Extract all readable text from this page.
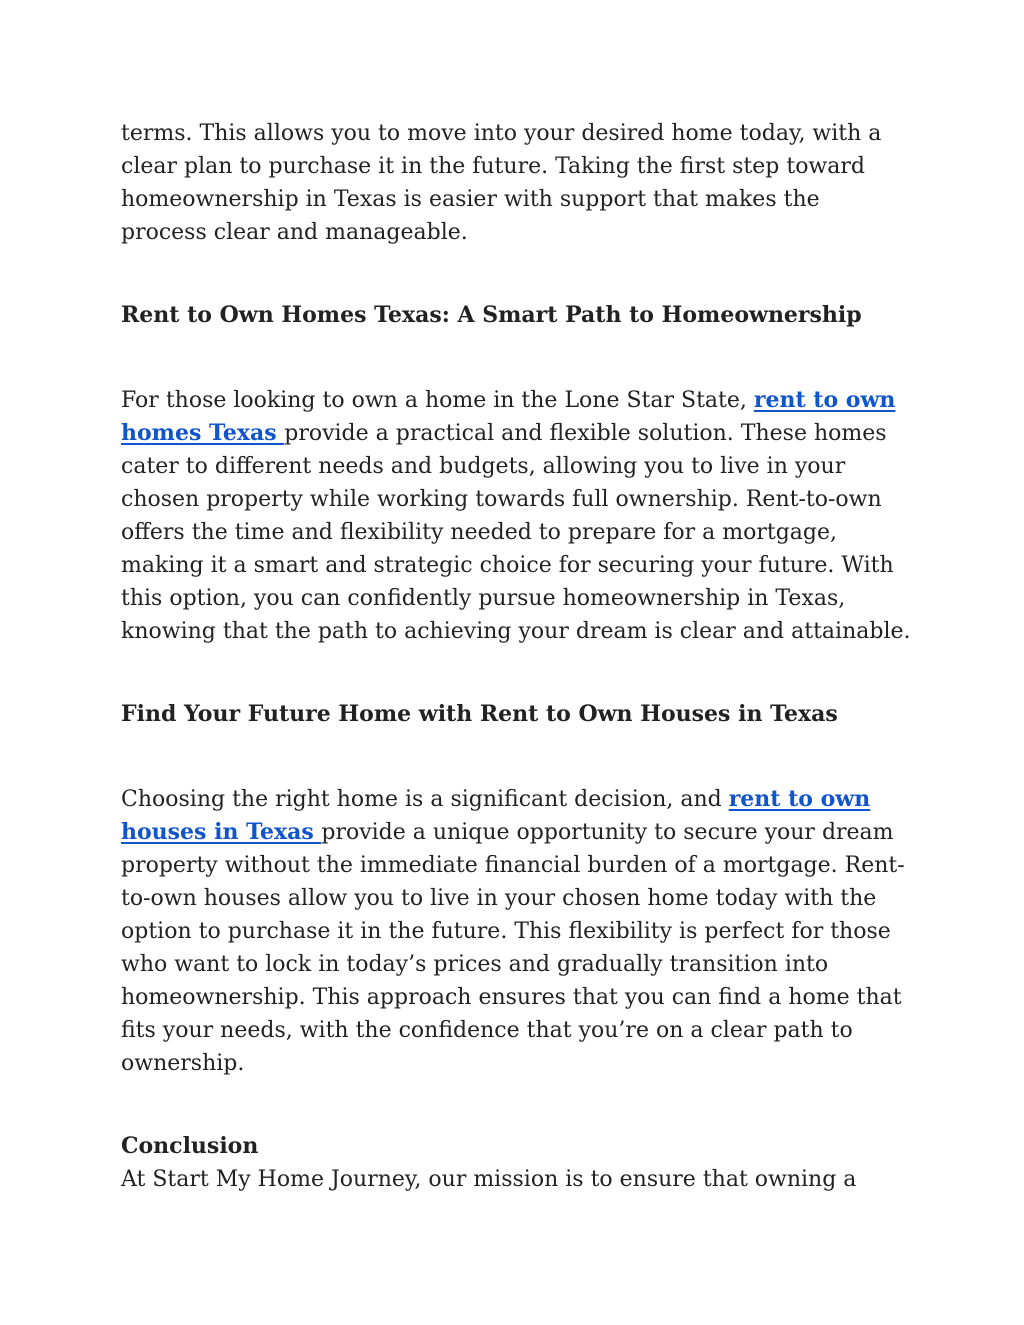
terms. This allows you to move into your desired home today, with a clear plan to purchase it in the future. Taking the first step toward homeownership in Texas is easier with support that makes the process clear and manageable.

Rent to Own Homes Texas: A Smart Path to Homeownership

For those looking to own a home in the Lone Star State, rent to own homes Texas provide a practical and flexible solution. These homes cater to different needs and budgets, allowing you to live in your chosen property while working towards full ownership. Rent-to-own offers the time and flexibility needed to prepare for a mortgage, making it a smart and strategic choice for securing your future. With this option, you can confidently pursue homeownership in Texas, knowing that the path to achieving your dream is clear and attainable.

Find Your Future Home with Rent to Own Houses in Texas

Choosing the right home is a significant decision, and rent to own houses in Texas provide a unique opportunity to secure your dream property without the immediate financial burden of a mortgage. Rent-to-own houses allow you to live in your chosen home today with the option to purchase it in the future. This flexibility is perfect for those who want to lock in today’s prices and gradually transition into homeownership. This approach ensures that you can find a home that fits your needs, with the confidence that you’re on a clear path to ownership.

Conclusion

At Start My Home Journey, our mission is to ensure that owning a
